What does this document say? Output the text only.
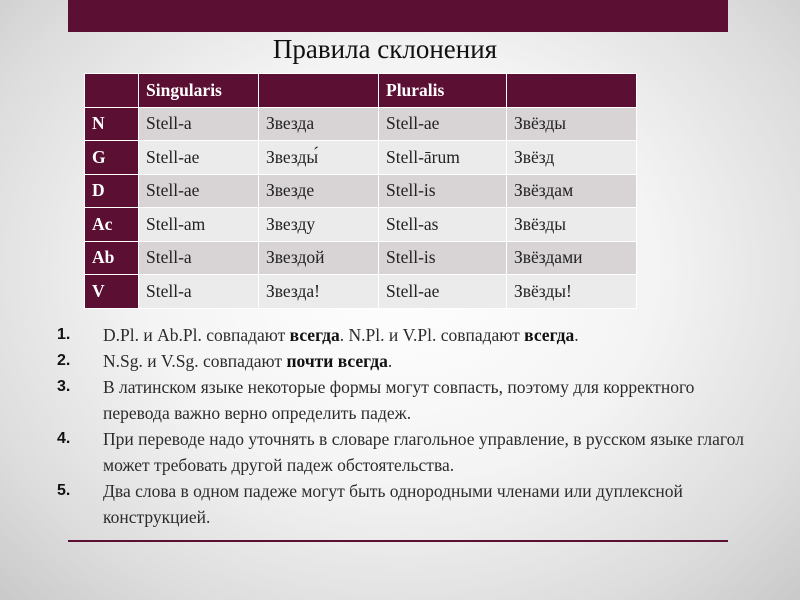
Правила склонения
	Singularis		Pluralis	
N	Stell-a	Звезда	Stell-ae	Звёзды
G	Stell-ae	Звезды́	Stell-ārum	Звёзд
D	Stell-ae	Звезде	Stell-is	Звёздам
Ac	Stell-am	Звезду	Stell-as	Звёзды
Ab	Stell-a	Звездой	Stell-is	Звёздами
V	Stell-a	Звезда!	Stell-ae	Звёзды!
1. D.Pl. и Ab.Pl. совпадают всегда. N.Pl. и V.Pl. совпадают всегда.
2. N.Sg. и V.Sg. совпадают почти всегда.
3. В латинском языке некоторые формы могут совпасть, поэтому для корректного перевода важно верно определить падеж.
4. При переводе надо уточнять в словаре глагольное управление, в русском языке глагол может требовать другой падеж обстоятельства.
5. Два слова в одном падеже могут быть однородными членами или дуплексной конструкцией.
